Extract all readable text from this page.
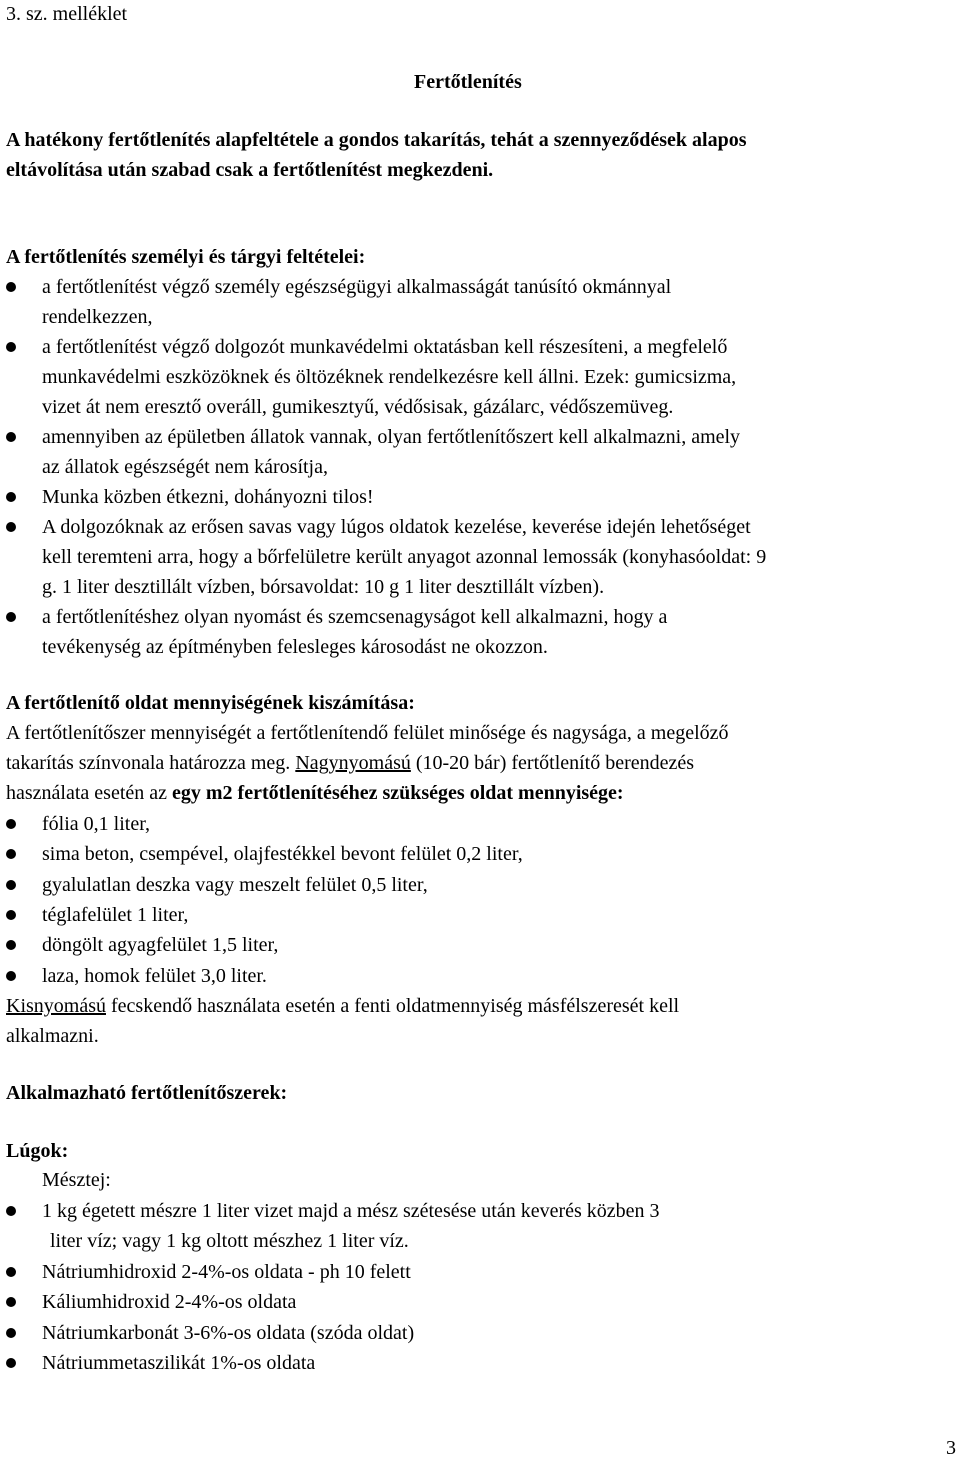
3. sz. melléklet
Fertőtlenítés
A hatékony fertőtlenítés alapfeltétele a gondos takarítás, tehát a szennyeződések alapos
eltávolítása után szabad csak a fertőtlenítést megkezdeni.
A fertőtlenítés személyi és tárgyi feltételei:
a fertőtlenítést végző személy egészségügyi alkalmasságát tanúsító okmánnyal
rendelkezzen,
a fertőtlenítést végző dolgozót munkavédelmi oktatásban kell részesíteni, a megfelelő
munkavédelmi eszközöknek és öltözéknek rendelkezésre kell állni. Ezek: gumicsizma,
vizet át nem eresztő overáll, gumikesztyű, védősisak, gázálarc, védőszemüveg.
amennyiben az épületben állatok vannak, olyan fertőtlenítőszert kell alkalmazni, amely
az állatok egészségét nem károsítja,
Munka közben étkezni, dohányozni tilos!
A dolgozóknak az erősen savas vagy lúgos oldatok kezelése, keverése idején lehetőséget
kell teremteni arra, hogy a bőrfelületre került anyagot azonnal lemossák (konyhasóoldat: 9
g. 1 liter desztillált vízben, bórsavoldat: 10 g 1 liter desztillált vízben).
a fertőtlenítéshez olyan nyomást és szemcsenagyságot kell alkalmazni, hogy a
tevékenység az építményben felesleges károsodást ne okozzon.
A fertőtlenítő oldat mennyiségének kiszámítása:
A fertőtlenítőszer mennyiségét a fertőtlenítendő felület minősége és nagysága, a megelőző
takarítás színvonala határozza meg. Nagynyomású (10-20 bár) fertőtlenítő berendezés
használata esetén az egy m2 fertőtlenítéséhez szükséges oldat mennyisége:
fólia 0,1 liter,
sima beton, csempével, olajfestékkel bevont felület 0,2 liter,
gyalulatlan deszka vagy meszelt felület 0,5 liter,
téglafelület 1 liter,
döngölt agyagfelület 1,5 liter,
laza, homok felület 3,0 liter.
Kisnyomású fecskendő használata esetén a fenti oldatmennyiség másfélszeresét kell
alkalmazni.
Alkalmazható fertőtlenítőszerek:
Lúgok:
Mésztej:
1 kg égetett mészre 1 liter vizet majd a mész szétesése után keverés közben 3
liter víz; vagy 1 kg oltott mészhez 1 liter víz.
Nátriumhidroxid 2-4%-os oldata - ph 10 felett
Káliumhidroxid 2-4%-os oldata
Nátriumkarbonát 3-6%-os oldata (szóda oldat)
Nátriummetaszilikát 1%-os oldata
3
